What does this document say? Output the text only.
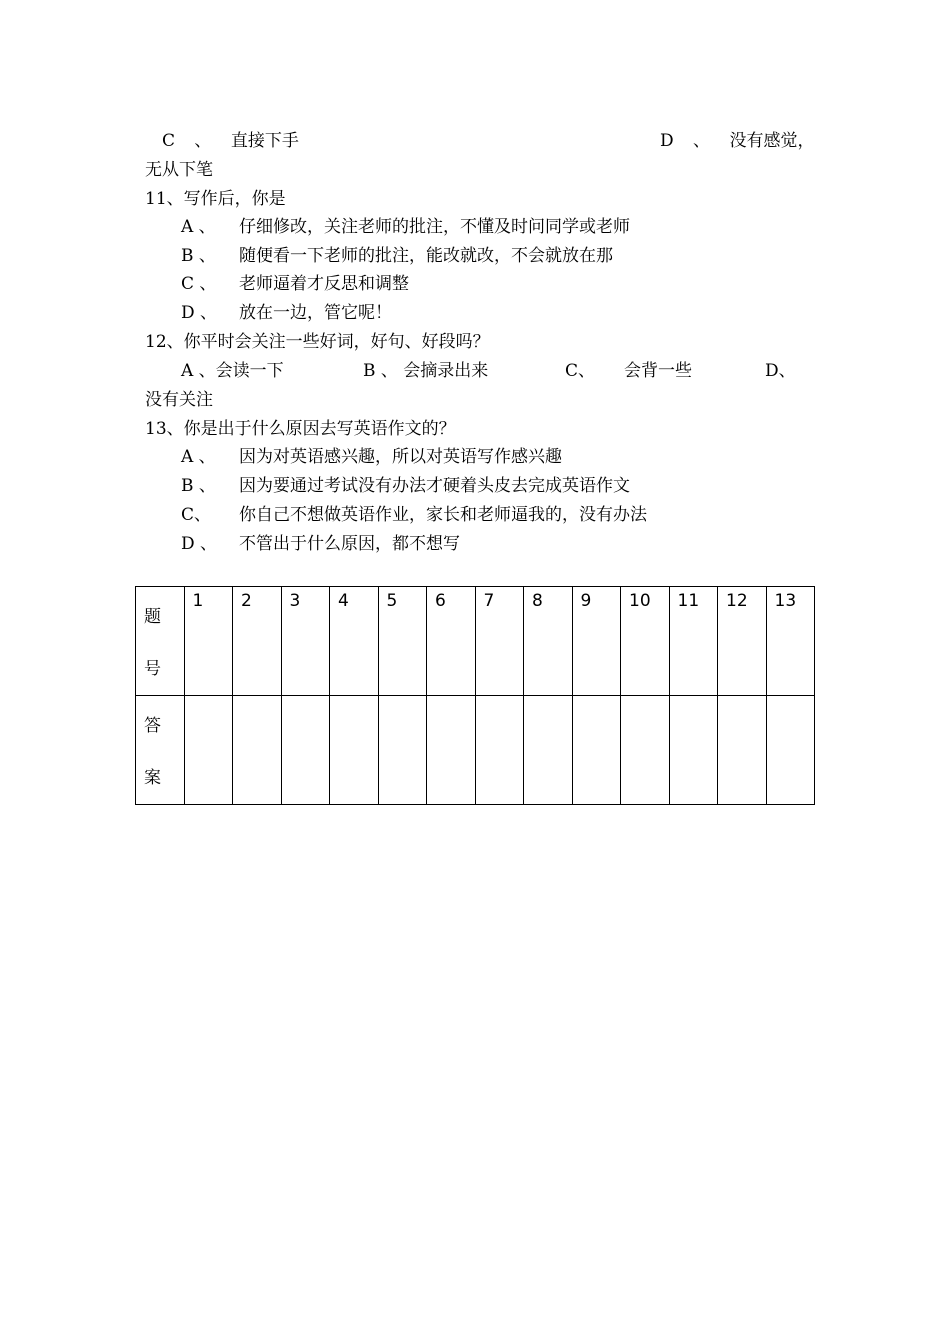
C 、 直接下手	D 、 没有感觉，
无从下笔
11、写作后，你是
A 、 仔细修改，关注老师的批注，不懂及时问同学或老师
B 、 随便看一下老师的批注，能改就改，不会就放在那
C 、 老师逼着才反思和调整
D 、 放在一边，管它呢！
12、你平时会关注一些好词，好句、好段吗？
A 、会读一下	B 、 会摘录出来	C、 会背一些	D、
没有关注
13、你是出于什么原因去写英语作文的？
A 、 因为对英语感兴趣，所以对英语写作感兴趣
B 、 因为要通过考试没有办法才硬着头皮去完成英语作文
C、 你自己不想做英语作业，家长和老师逼我的，没有办法
D 、 不管出于什么原因，都不想写
题
号	1	2	3	4	5	6	7	8	9	10	11	12	13

答
案													
